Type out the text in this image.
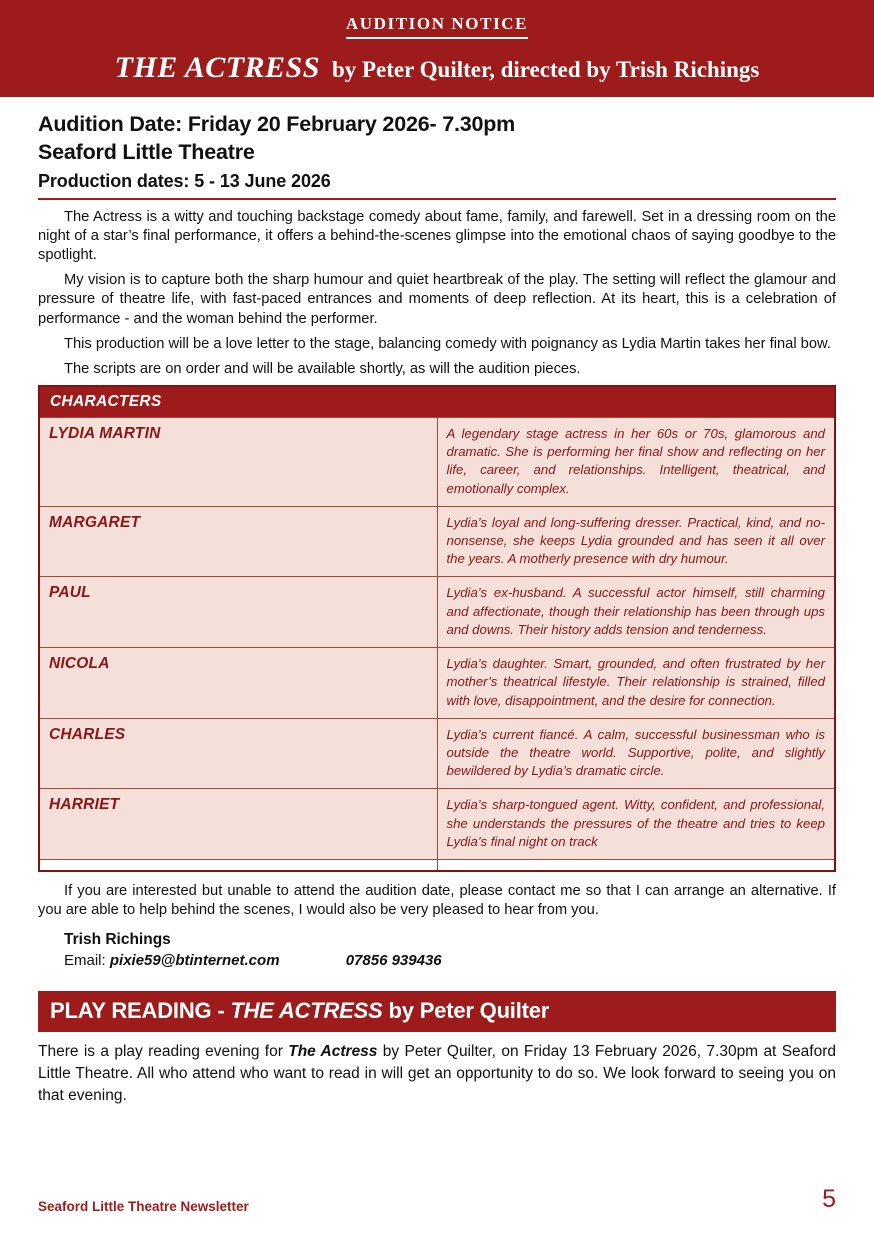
AUDITION NOTICE
THE ACTRESS by Peter Quilter, directed by Trish Richings
Audition Date: Friday 20 February 2026- 7.30pm
Seaford Little Theatre
Production dates: 5 - 13 June 2026

The Actress is a witty and touching backstage comedy about fame, family, and farewell. Set in a dressing room on the night of a star’s final performance, it offers a behind-the-scenes glimpse into the emotional chaos of saying goodbye to the spotlight.

My vision is to capture both the sharp humour and quiet heartbreak of the play. The setting will reflect the glamour and pressure of theatre life, with fast-paced entrances and moments of deep reflection. At its heart, this is a celebration of performance - and the woman behind the performer.

This production will be a love letter to the stage, balancing comedy with poignancy as Lydia Martin takes her final bow.

The scripts are on order and will be available shortly, as will the audition pieces.

CHARACTERS	
LYDIA MARTIN	A legendary stage actress in her 60s or 70s, glamorous and dramatic. She is performing her final show and reflecting on her life, career, and relationships. Intelligent, theatrical, and emotionally complex.
MARGARET	Lydia’s loyal and long-suffering dresser. Practical, kind, and no-nonsense, she keeps Lydia grounded and has seen it all over the years. A motherly presence with dry humour.
PAUL	Lydia’s ex-husband. A successful actor himself, still charming and affectionate, though their relationship has been through ups and downs. Their history adds tension and tenderness.
NICOLA	Lydia’s daughter. Smart, grounded, and often frustrated by her mother’s theatrical lifestyle. Their relationship is strained, filled with love, disappointment, and the desire for connection.
CHARLES	Lydia’s current fiancé. A calm, successful businessman who is outside the theatre world. Supportive, polite, and slightly bewildered by Lydia’s dramatic circle.
HARRIET	Lydia’s sharp-tongued agent. Witty, confident, and professional, she understands the pressures of the theatre and tries to keep Lydia’s final night on track

If you are interested but unable to attend the audition date, please contact me so that I can arrange an alternative. If you are able to help behind the scenes, I would also be very pleased to hear from you.

Trish Richings
Email: pixie59@btinternet.com	07856 939436
PLAY READING - THE ACTRESS by Peter Quilter

There is a play reading evening for The Actress by Peter Quilter, on Friday 13 February 2026, 7.30pm at Seaford Little Theatre. All who attend who want to read in will get an opportunity to do so. We look forward to seeing you on that evening.

Seaford Little Theatre Newsletter	5
